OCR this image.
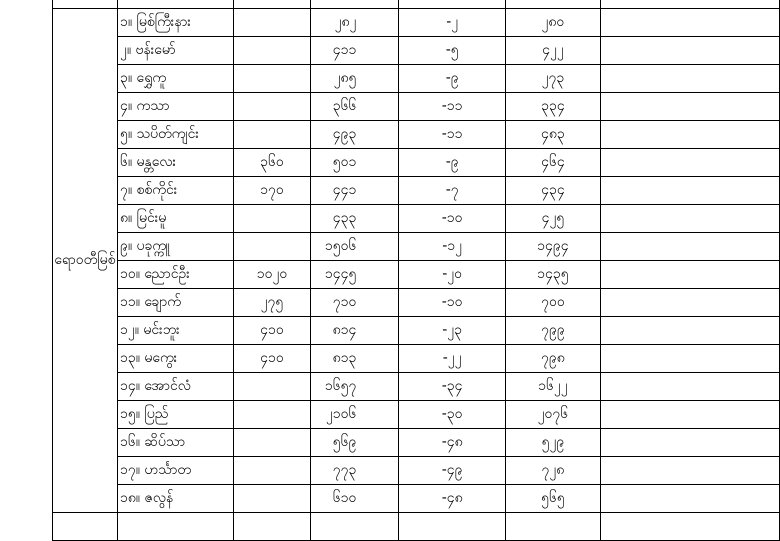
ရောဝတီမြစ်	၁။ မြစ်ကြီးနား		၂၈၂	-၂	၂၈၀	
	၂။ ဗန်းမော်		၄၁၁	-၅	၄၂၂	
	၃။ ရွှေကူ		၂၈၅	-၉	၂၇၃	
	၄။ ကသာ		၃၆၆	-၁၁	၃၃၄	
	၅။ သပိတ်ကျင်း		၄၉၃	-၁၁	၄၈၃	
	၆။ မန္တလေး	၃၆၀	၅၀၁	-၉	၄၆၄	
	၇။ စစ်ကိုင်း	၁၇၀	၄၄၁	-၇	၄၃၄	
	၈။ မြင်းမူ		၄၃၃	-၁၀	၄၂၅	
	၉။ ပခုက္ကူ		၁၅၀၆	-၁၂	၁၄၉၄	
	၁၀။ ညောင်ဦး	၁၀၂၀	၁၄၄၅	-၂၀	၁၄၃၅	
	၁၁။ ချောက်	၂၇၅	၇၁၀	-၁၀	၇၀၀	
	၁၂။ မင်းဘူး	၄၁၀	၈၁၄	-၂၃	၇၉၉	
	၁၃။ မကွေး	၄၁၀	၈၁၃	-၂၂	၇၉၈	
	၁၄။ အောင်လံ		၁၆၅၇	-၃၄	၁၆၂၂	
	၁၅။ ပြည်		၂၁၀၆	-၃၀	၂၀၇၆	
	၁၆။ ဆိပ်သာ		၅၆၉	-၄၈	၅၂၉	
	၁၇။ ဟင်္သာတ		၇၇၃	-၄၉	၇၂၈	
	၁၈။ ဇလွန်		၆၁၀	-၄၈	၅၆၅	
